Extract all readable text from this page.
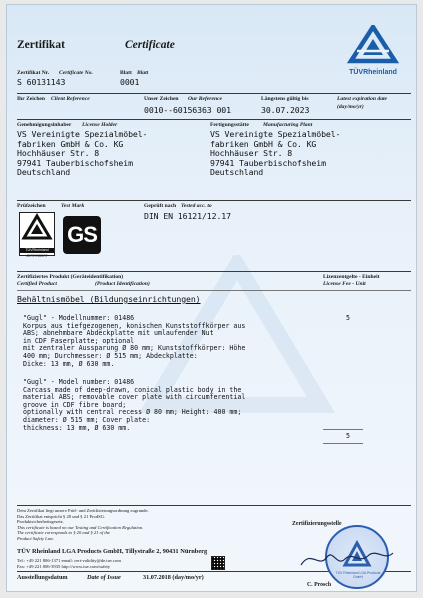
Zertifikat	Certificate
TÜVRheinland
Zertifikat Nr. Certificate No.
S 60131143
Blatt Blatt
0001
Ihr Zeichen Client Reference	Unser Zeichen Our Reference
0010--60156363 001
Längstens gültig bis	Latest expiration date
(day/mo/yr)
30.07.2023
Genehmigungsinhaber License Holder
VS Vereinigte Spezialmöbel-
fabriken GmbH & Co. KG
Hochhäuser Str. 8
97941 Tauberbischofsheim
Deutschland
Fertigungsstätte	Manufacturing Plant
VS Vereinigte Spezialmöbel-
fabriken GmbH & Co. KG
Hochhäuser Str. 8
97941 Tauberbischofsheim
Deutschland
Prüfzeichen	Test Mark
TÜVRheinland
ZERTIFIZIERT
GS
Geprüft nach Tested acc. to
DIN EN 16121/12.17
Zertifiziertes Produkt (Geräteidentifikation)
Certified Product	(Product Identification)
Lizenzentgelte - Einheit
License Fee - Unit
Behältnismöbel (Bildungseinrichtungen)
5
"Gugl" - Modellnummer: 01486
Korpus aus tiefgezogenen, konischen Kunststoffkörper aus
ABS; abnehmbare Abdeckplatte mit umlaufender Nut
in CDF Faserplatte; optional
mit zentraler Aussparung Ø 80 mm; Kunststoffkörper: Höhe
400 mm; Durchmesser: Ø 515 mm; Abdeckplatte:
Dicke: 13 mm, Ø 630 mm.
"Gugl" - Model number: 01486
Carcass made of deep-drawn, conical plastic body in the
material ABS; removable cover plate with circumferential
groove in CDF fibre board;
optionally with central recess Ø 80 mm; Height: 400 mm;
diameter: Ø 515 mm; Cover plate:
thickness: 13 mm, Ø 630 mm.
5
Dem Zertifikat liegt unsere Prüf- und Zertifizierungsordnung zugrunde.
Das Zertifikat entspricht § 20 und § 21 ProdSG.
Produktsicherheitsgesetz.
This certificate is based on our Testing and Certification Regulation.
The certificate corresponds to § 20 and § 21 of the
Product Safety Law.
Zertifizierungsstelle
TÜV Rheinland LGA Products GmbH, Tillystraße 2, 90431 Nürnberg
Tel.: +49 221 806-1371 email: cert-validity@de.tuv.com
Fax: +49 221 806-3935 http://www.tuv.com/safety
Ausstellungsdatum	Date of Issue	31.07.2018 (day/mo/yr)
TÜV Rheinland LGA Products GmbH
C. Prosch
